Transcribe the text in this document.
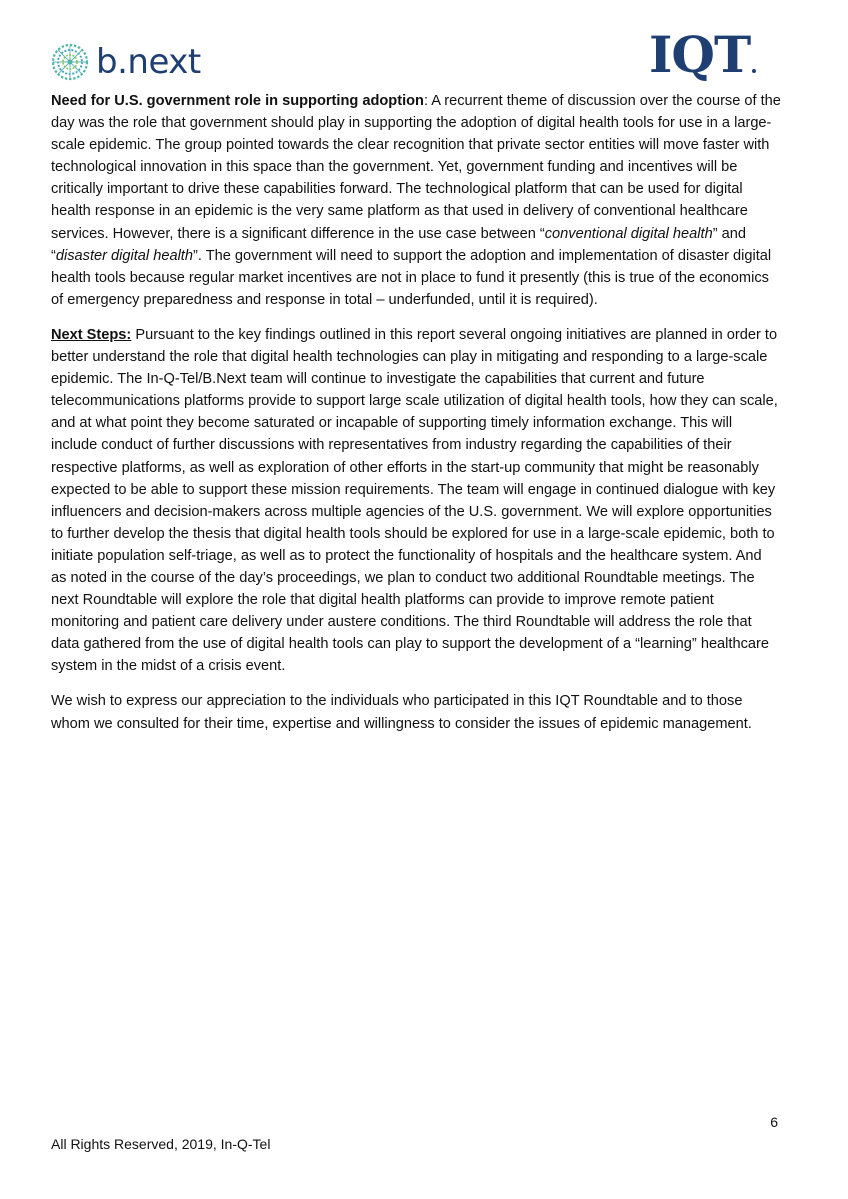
b.next	IQT

Need for U.S. government role in supporting adoption: A recurrent theme of discussion over the course of the day was the role that government should play in supporting the adoption of digital health tools for use in a large-scale epidemic. The group pointed towards the clear recognition that private sector entities will move faster with technological innovation in this space than the government. Yet, government funding and incentives will be critically important to drive these capabilities forward. The technological platform that can be used for digital health response in an epidemic is the very same platform as that used in delivery of conventional healthcare services. However, there is a significant difference in the use case between “conventional digital health” and “disaster digital health”. The government will need to support the adoption and implementation of disaster digital health tools because regular market incentives are not in place to fund it presently (this is true of the economics of emergency preparedness and response in total – underfunded, until it is required).

Next Steps: Pursuant to the key findings outlined in this report several ongoing initiatives are planned in order to better understand the role that digital health technologies can play in mitigating and responding to a large-scale epidemic. The In-Q-Tel/B.Next team will continue to investigate the capabilities that current and future telecommunications platforms provide to support large scale utilization of digital health tools, how they can scale, and at what point they become saturated or incapable of supporting timely information exchange. This will include conduct of further discussions with representatives from industry regarding the capabilities of their respective platforms, as well as exploration of other efforts in the start-up community that might be reasonably expected to be able to support these mission requirements. The team will engage in continued dialogue with key influencers and decision-makers across multiple agencies of the U.S. government. We will explore opportunities to further develop the thesis that digital health tools should be explored for use in a large-scale epidemic, both to initiate population self-triage, as well as to protect the functionality of hospitals and the healthcare system. And as noted in the course of the day’s proceedings, we plan to conduct two additional Roundtable meetings. The next Roundtable will explore the role that digital health platforms can provide to improve remote patient monitoring and patient care delivery under austere conditions. The third Roundtable will address the role that data gathered from the use of digital health tools can play to support the development of a “learning” healthcare system in the midst of a crisis event.

We wish to express our appreciation to the individuals who participated in this IQT Roundtable and to those whom we consulted for their time, expertise and willingness to consider the issues of epidemic management.

6
All Rights Reserved, 2019, In-Q-Tel
